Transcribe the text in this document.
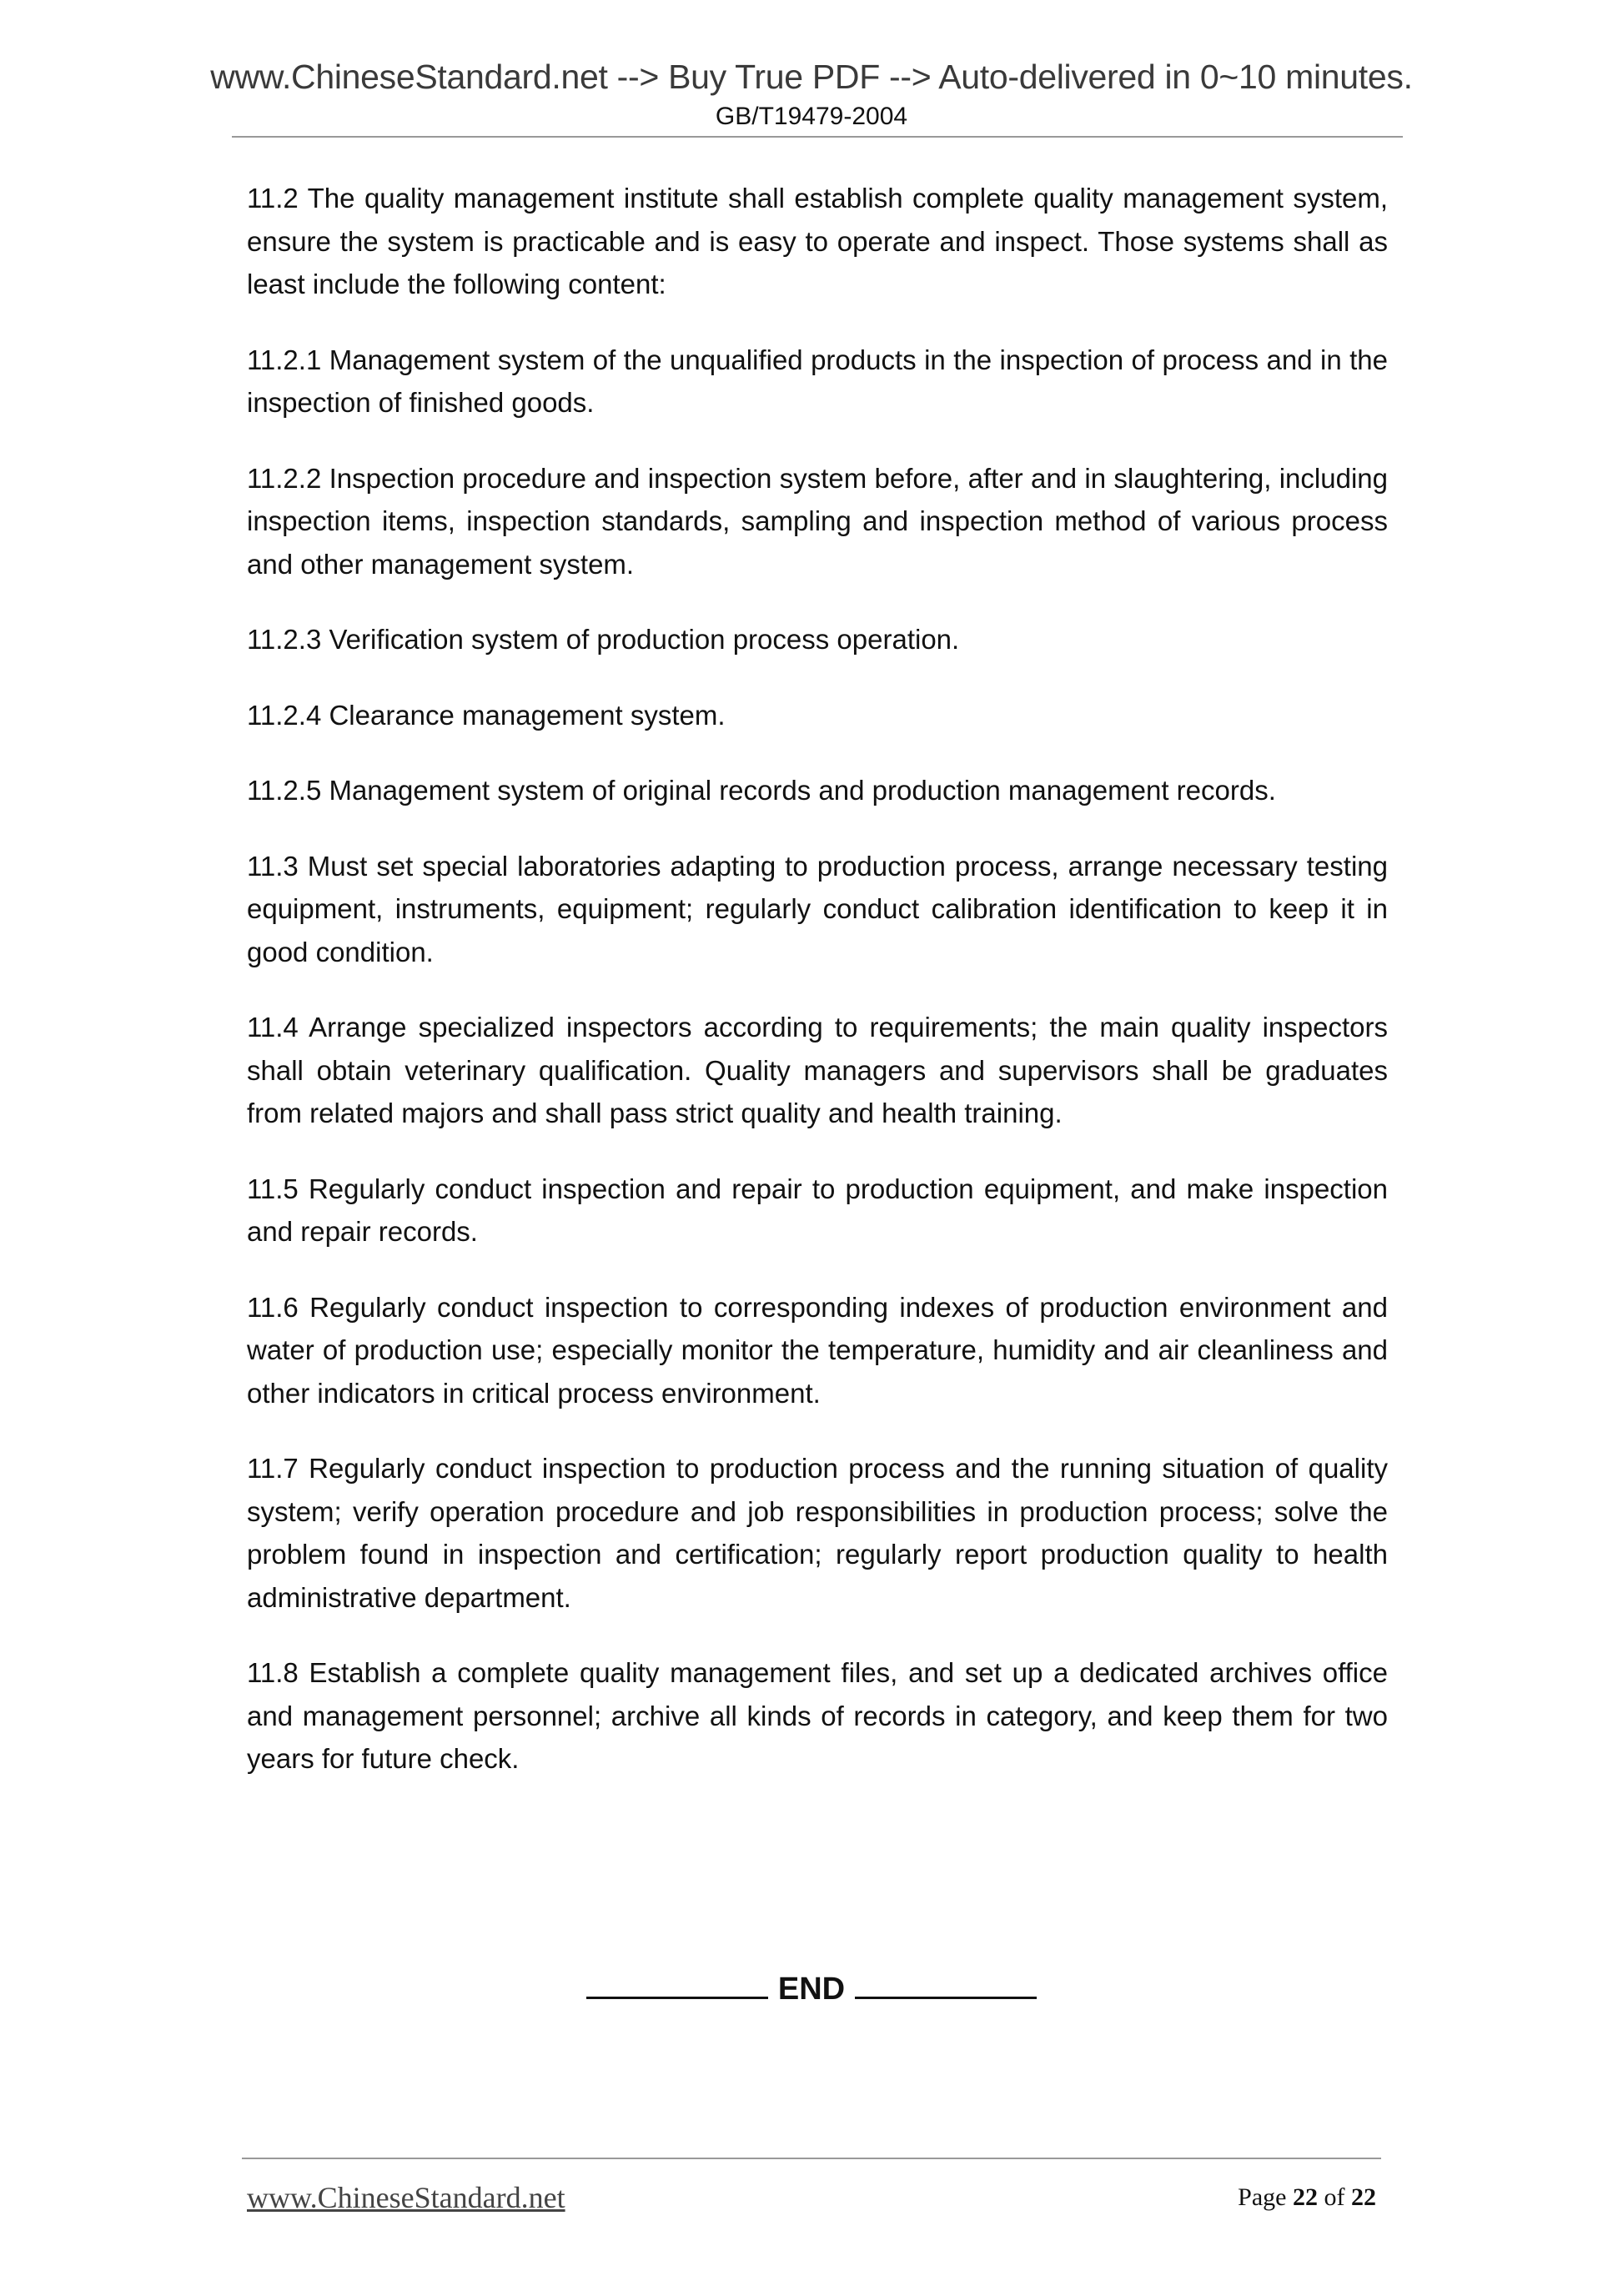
www.ChineseStandard.net --> Buy True PDF --> Auto-delivered in 0~10 minutes.
GB/T19479-2004

11.2 The quality management institute shall establish complete quality management system, ensure the system is practicable and is easy to operate and inspect. Those systems shall as least include the following content:

11.2.1 Management system of the unqualified products in the inspection of process and in the inspection of finished goods.

11.2.2 Inspection procedure and inspection system before, after and in slaughtering, including inspection items, inspection standards, sampling and inspection method of various process and other management system.

11.2.3 Verification system of production process operation.

11.2.4 Clearance management system.

11.2.5 Management system of original records and production management records.

11.3 Must set special laboratories adapting to production process, arrange necessary testing equipment, instruments, equipment; regularly conduct calibration identification to keep it in good condition.

11.4 Arrange specialized inspectors according to requirements; the main quality inspectors shall obtain veterinary qualification. Quality managers and supervisors shall be graduates from related majors and shall pass strict quality and health training.

11.5 Regularly conduct inspection and repair to production equipment, and make inspection and repair records.

11.6 Regularly conduct inspection to corresponding indexes of production environment and water of production use; especially monitor the temperature, humidity and air cleanliness and other indicators in critical process environment.

11.7 Regularly conduct inspection to production process and the running situation of quality system; verify operation procedure and job responsibilities in production process; solve the problem found in inspection and certification; regularly report production quality to health administrative department.

11.8 Establish a complete quality management files, and set up a dedicated archives office and management personnel; archive all kinds of records in category, and keep them for two years for future check.

END
www.ChineseStandard.net	Page 22 of 22
